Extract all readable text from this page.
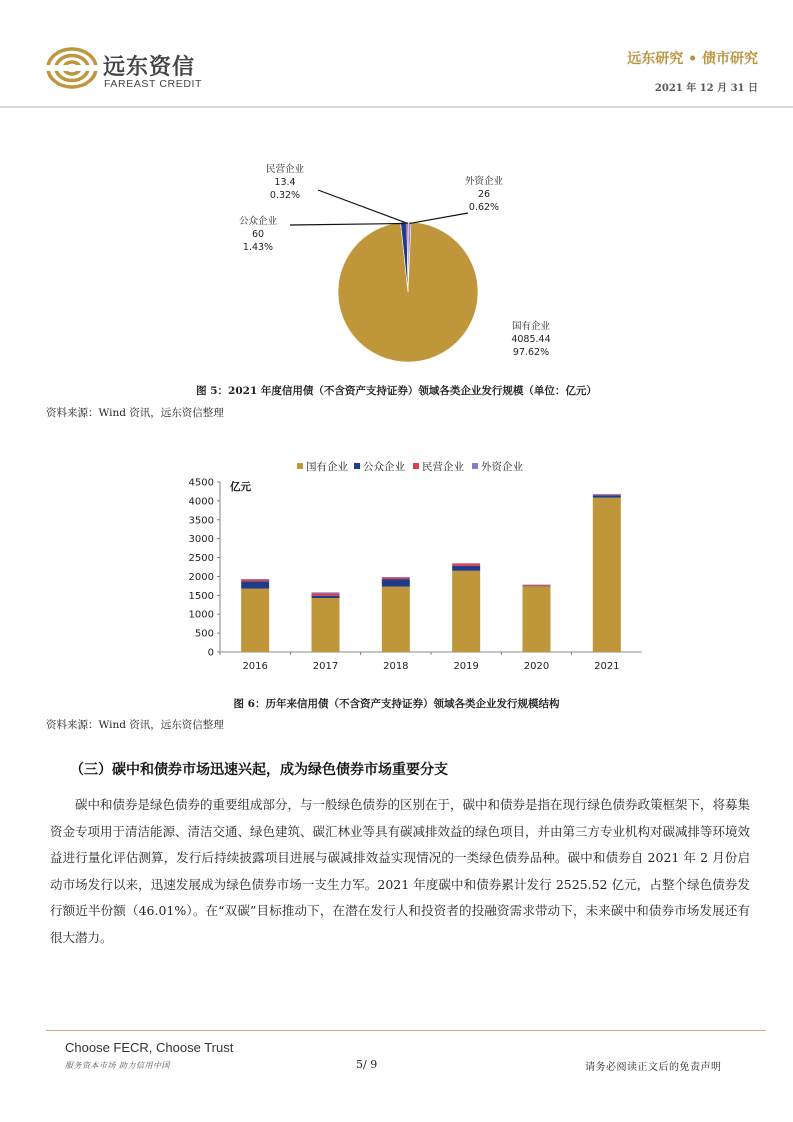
远东资信
FAREAST CREDIT
远东研究 • 债市研究
2021 年 12 月 31 日
民营企业
13.4
0.32%
公众企业
60
1.43%
外资企业
26
0.62%
国有企业
4085.44
97.62%
图 5：2021 年度信用债（不含资产支持证券）领域各类企业发行规模（单位：亿元）
资料来源：Wind 资讯，远东资信整理
0
500
1000
1500
2000
2500
3000
3500
4000
4500 亿元
2016	2017	2018	2019	2020	2021
国有企业 公众企业 民营企业 外资企业
图 6：历年来信用债（不含资产支持证券）领域各类企业发行规模结构
资料来源：Wind 资讯，远东资信整理
（三）碳中和债券市场迅速兴起，成为绿色债券市场重要分支
碳中和债券是绿色债券的重要组成部分，与一般绿色债券的区别在于，碳中和债券是指在现行绿色债券政策框架下，将募集资金专项用于清洁能源、清洁交通、绿色建筑、碳汇林业等具有碳减排效益的绿色项目，并由第三方专业机构对碳减排等环境效益进行量化评估测算，发行后持续披露项目进展与碳减排效益实现情况的一类绿色债券品种。碳中和债券自 2021 年 2 月份启动市场发行以来，迅速发展成为绿色债券市场一支生力军。2021 年度碳中和债券累计发行 2525.52 亿元，占整个绿色债券发行额近半份额（46.01%）。在“双碳”目标推动下，在潜在发行人和投资者的投融资需求带动下，未来碳中和债券市场发展还有很大潜力。
Choose FECR, Choose Trust
服务资本市场 助力信用中国	5/ 9	请务必阅读正文后的免责声明
